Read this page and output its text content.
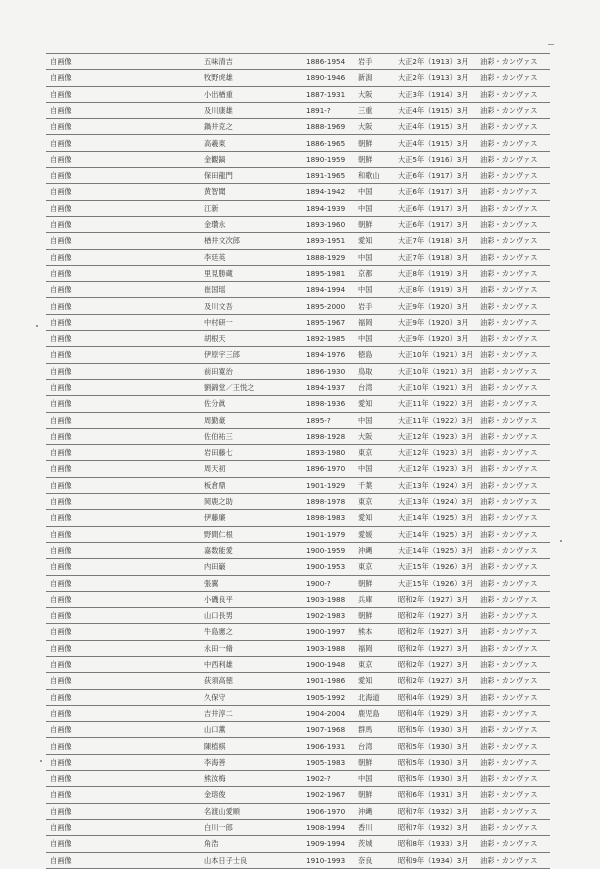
自画像	五味清吉	1886-1954	岩手	大正2年（1913）3月	油彩・カンヴァス
自画像	牧野虎雄	1890-1946	新潟	大正2年（1913）3月	油彩・カンヴァス
自画像	小出楢重	1887-1931	大阪	大正3年（1914）3月	油彩・カンヴァス
自画像	及川康雄	1891-?	三重	大正4年（1915）3月	油彩・カンヴァス
自画像	鍋井克之	1888-1969	大阪	大正4年（1915）3月	油彩・カンヴァス
自画像	高羲東	1886-1965	朝鮮	大正4年（1915）3月	油彩・カンヴァス
自画像	金觀鎬	1890-1959	朝鮮	大正5年（1916）3月	油彩・カンヴァス
自画像	保田龍門	1891-1965	和歌山	大正6年（1917）3月	油彩・カンヴァス
自画像	黄智聞	1894-1942	中国	大正6年（1917）3月	油彩・カンヴァス
自画像	江新	1894-1939	中国	大正6年（1917）3月	油彩・カンヴァス
自画像	金瓚永	1893-1960	朝鮮	大正6年（1917）3月	油彩・カンヴァス
自画像	楢井文次郎	1893-1951	愛知	大正7年（1918）3月	油彩・カンヴァス
自画像	李廷英	1888-1929	中国	大正7年（1918）3月	油彩・カンヴァス
自画像	里見勝蔵	1895-1981	京都	大正8年（1919）3月	油彩・カンヴァス
自画像	崔国瑶	1894-1994	中国	大正8年（1919）3月	油彩・カンヴァス
自画像	及川文吾	1895-2000	岩手	大正9年（1920）3月	油彩・カンヴァス
自画像	中村研一	1895-1967	福岡	大正9年（1920）3月	油彩・カンヴァス
自画像	胡根天	1892-1985	中国	大正9年（1920）3月	油彩・カンヴァス
自画像	伊原宇三郎	1894-1976	徳島	大正10年（1921）3月	油彩・カンヴァス
自画像	前田寛治	1896-1930	鳥取	大正10年（1921）3月	油彩・カンヴァス
自画像	劉錦堂／王悦之	1894-1937	台湾	大正10年（1921）3月	油彩・カンヴァス
自画像	佐分眞	1898-1936	愛知	大正11年（1922）3月	油彩・カンヴァス
自画像	周勤豪	1895-?	中国	大正11年（1922）3月	油彩・カンヴァス
自画像	佐伯祐三	1898-1928	大阪	大正12年（1923）3月	油彩・カンヴァス
自画像	岩田藤七	1893-1980	東京	大正12年（1923）3月	油彩・カンヴァス
自画像	周天初	1896-1970	中国	大正12年（1923）3月	油彩・カンヴァス
自画像	板倉鼎	1901-1929	千葉	大正13年（1924）3月	油彩・カンヴァス
自画像	岡鹿之助	1898-1978	東京	大正13年（1924）3月	油彩・カンヴァス
自画像	伊藤廉	1898-1983	愛知	大正14年（1925）3月	油彩・カンヴァス
自画像	野間仁根	1901-1979	愛媛	大正14年（1925）3月	油彩・カンヴァス
自画像	嘉数能愛	1900-1959	沖縄	大正14年（1925）3月	油彩・カンヴァス
自画像	内田巌	1900-1953	東京	大正15年（1926）3月	油彩・カンヴァス
自画像	張翼	1900-?	朝鮮	大正15年（1926）3月	油彩・カンヴァス
自画像	小磯良平	1903-1988	兵庫	昭和2年（1927）3月	油彩・カンヴァス
自画像	山口長男	1902-1983	朝鮮	昭和2年（1927）3月	油彩・カンヴァス
自画像	牛島憲之	1900-1997	熊本	昭和2年（1927）3月	油彩・カンヴァス
自画像	永田一脩	1903-1988	福岡	昭和2年（1927）3月	油彩・カンヴァス
自画像	中西利雄	1900-1948	東京	昭和2年（1927）3月	油彩・カンヴァス
自画像	荻須高徳	1901-1986	愛知	昭和2年（1927）3月	油彩・カンヴァス
自画像	久保守	1905-1992	北海道	昭和4年（1929）3月	油彩・カンヴァス
自画像	吉井淳二	1904-2004	鹿児島	昭和4年（1929）3月	油彩・カンヴァス
自画像	山口薫	1907-1968	群馬	昭和5年（1930）3月	油彩・カンヴァス
自画像	陳植棋	1906-1931	台湾	昭和5年（1930）3月	油彩・カンヴァス
自画像	李海善	1905-1983	朝鮮	昭和5年（1930）3月	油彩・カンヴァス
自画像	熊汝梅	1902-?	中国	昭和5年（1930）3月	油彩・カンヴァス
自画像	金瑢俊	1902-1967	朝鮮	昭和6年（1931）3月	油彩・カンヴァス
自画像	名渡山愛順	1906-1970	沖縄	昭和7年（1932）3月	油彩・カンヴァス
自画像	白川一郎	1908-1994	香川	昭和7年（1932）3月	油彩・カンヴァス
自画像	角浩	1909-1994	茨城	昭和8年（1933）3月	油彩・カンヴァス
自画像	山本日子士良	1910-1993	奈良	昭和9年（1934）3月	油彩・カンヴァス
